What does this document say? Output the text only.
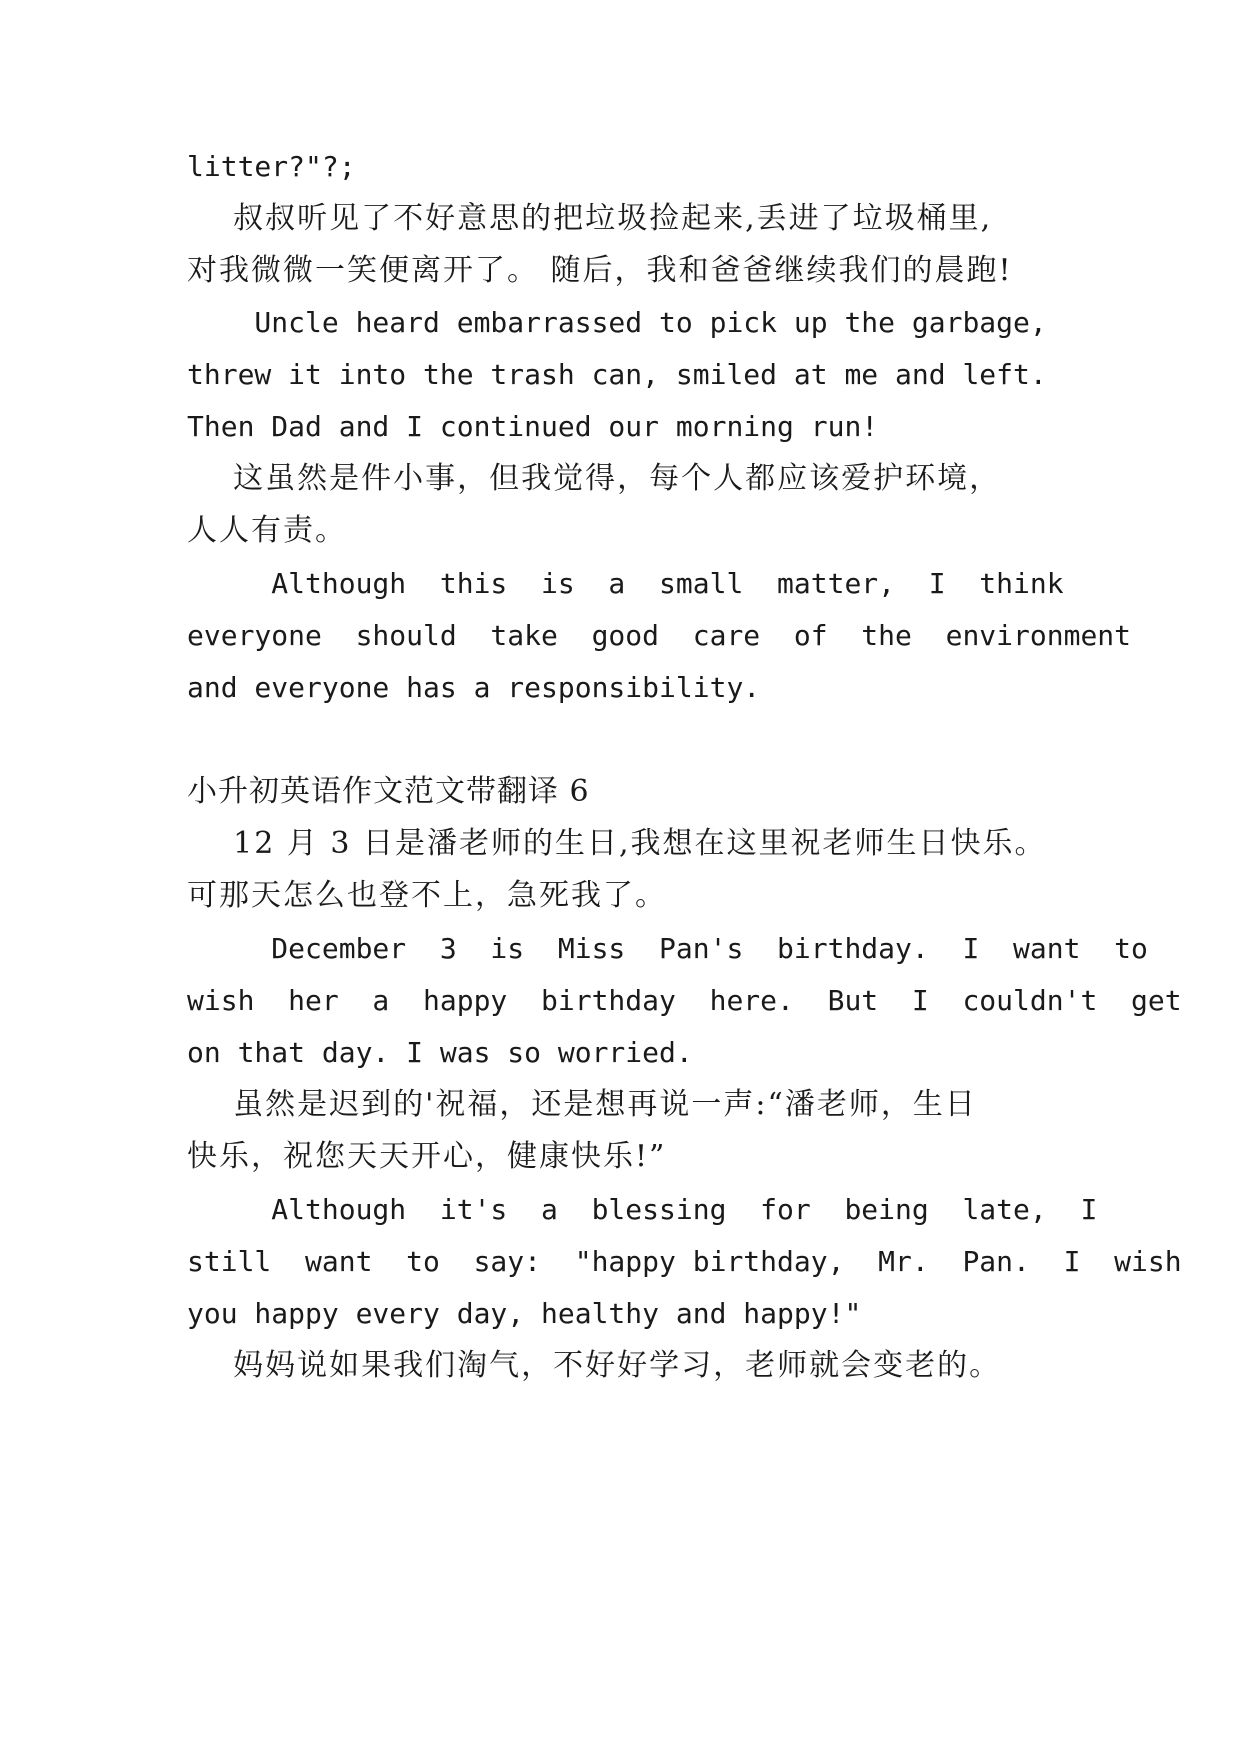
litter?"?;

叔叔听见了不好意思的把垃圾捡起来,丢进了垃圾桶里,

对我微微一笑便离开了。 随后，我和爸爸继续我们的晨跑!

Uncle heard embarrassed to pick up the garbage,

threw it into the trash can, smiled at me and left.

Then Dad and I continued our morning run!

这虽然是件小事，但我觉得，每个人都应该爱护环境，

人人有责。

Although  this  is  a  small  matter,  I  think

everyone  should  take  good  care  of  the  environment

and everyone has a responsibility.

小升初英语作文范文带翻译 6

12 月 3 日是潘老师的生日,我想在这里祝老师生日快乐。

可那天怎么也登不上，急死我了。

December  3  is  Miss  Pan's  birthday.  I  want  to

wish  her  a  happy  birthday  here.  But  I  couldn't  get

on that day. I was so worried.

虽然是迟到的'祝福，还是想再说一声:“潘老师，生日

快乐，祝您天天开心，健康快乐!”

Although  it's  a  blessing  for  being  late,  I

still  want  to  say:  "happy birthday,  Mr.  Pan.  I  wish

you happy every day, healthy and happy!"

妈妈说如果我们淘气，不好好学习，老师就会变老的。
